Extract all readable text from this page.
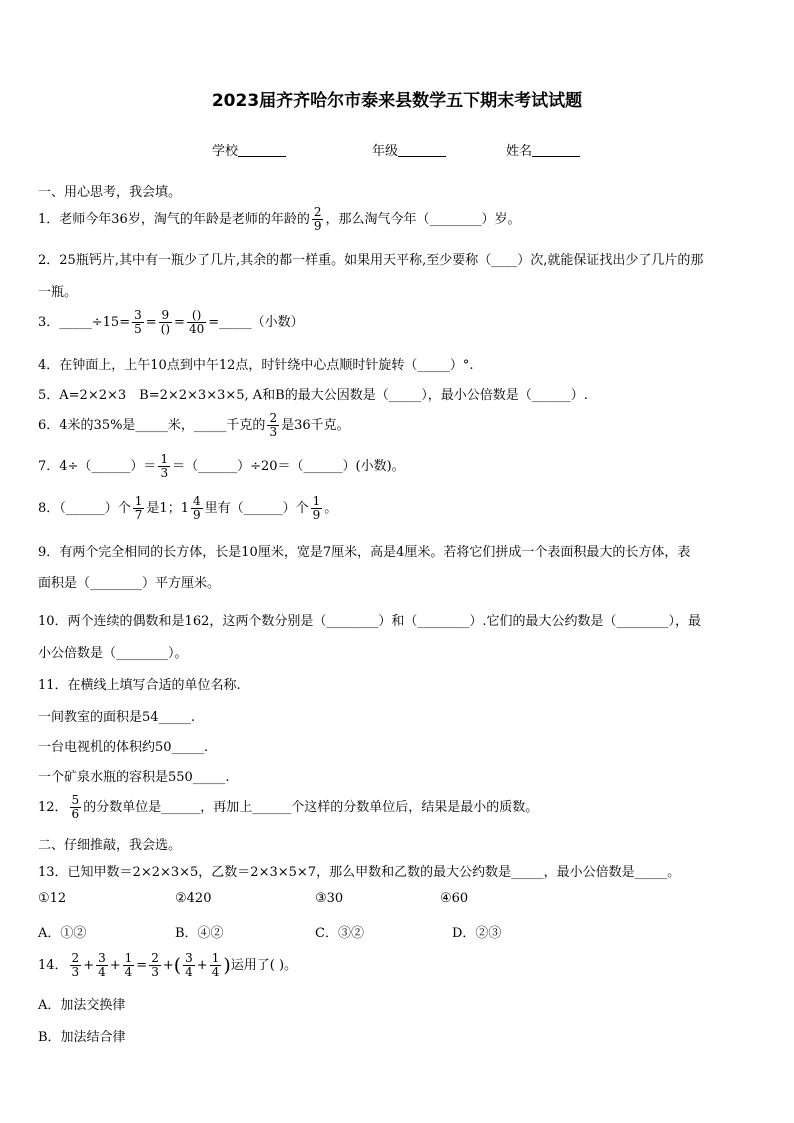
2023届齐齐哈尔市泰来县数学五下期末考试试题
学校	年级	姓名
一、用心思考，我会填。
1．老师今年36岁，淘气的年龄是老师的年龄的 $\frac{2}{9}$ ，那么淘气今年（________）岁。
2．25瓶钙片,其中有一瓶少了几片,其余的都一样重。如果用天平称,至少要称（____）次,就能保证找出少了几片的那
一瓶。
3．_____÷15= $\frac{3}{5} = \frac{9}{()} = \frac{()}{40}$ =_____（小数）
4．在钟面上，上午10点到中午12点，时针绕中心点顺时针旋转（_____）°.
5．A=2×2×3　B=2×2×3×3×5, A和B的最大公因数是（_____），最小公倍数是（______）.
6．4米的35%是_____米，_____千克的 $\frac{2}{3}$ 是36千克。
7．4÷（______）＝ $\frac{1}{3}$ ＝（______）÷20＝（______）(小数)。
8．（______）个 $\frac{1}{7}$ 是1；$1 \frac{4}{9}$ 里有（______）个 $\frac{1}{9}$ 。
9．有两个完全相同的长方体，长是10厘米，宽是7厘米，高是4厘米。若将它们拼成一个表面积最大的长方体，表
面积是（________）平方厘米。
10．两个连续的偶数和是162，这两个数分别是（________）和（________）.它们的最大公约数是（________），最
小公倍数是（________）。
11．在横线上填写合适的单位名称.
一间教室的面积是54_____.
一台电视机的体积约50_____.
一个矿泉水瓶的容积是550_____.
12． $\frac{5}{6}$ 的分数单位是______，再加上______个这样的分数单位后，结果是最小的质数。
二、仔细推敲，我会选。
13．已知甲数＝2×2×3×5，乙数＝2×3×5×7，那么甲数和乙数的最大公约数是_____，最小公倍数是_____。
①12	②420	③30	④60
A．①②	B．④②	C．③②	D．②③
14． $\frac{2}{3} + \frac{3}{4} + \frac{1}{4} = \frac{2}{3}$ +( $\frac{3}{4} + \frac{1}{4}$ )运用了( )。
A．加法交换律
B．加法结合律
